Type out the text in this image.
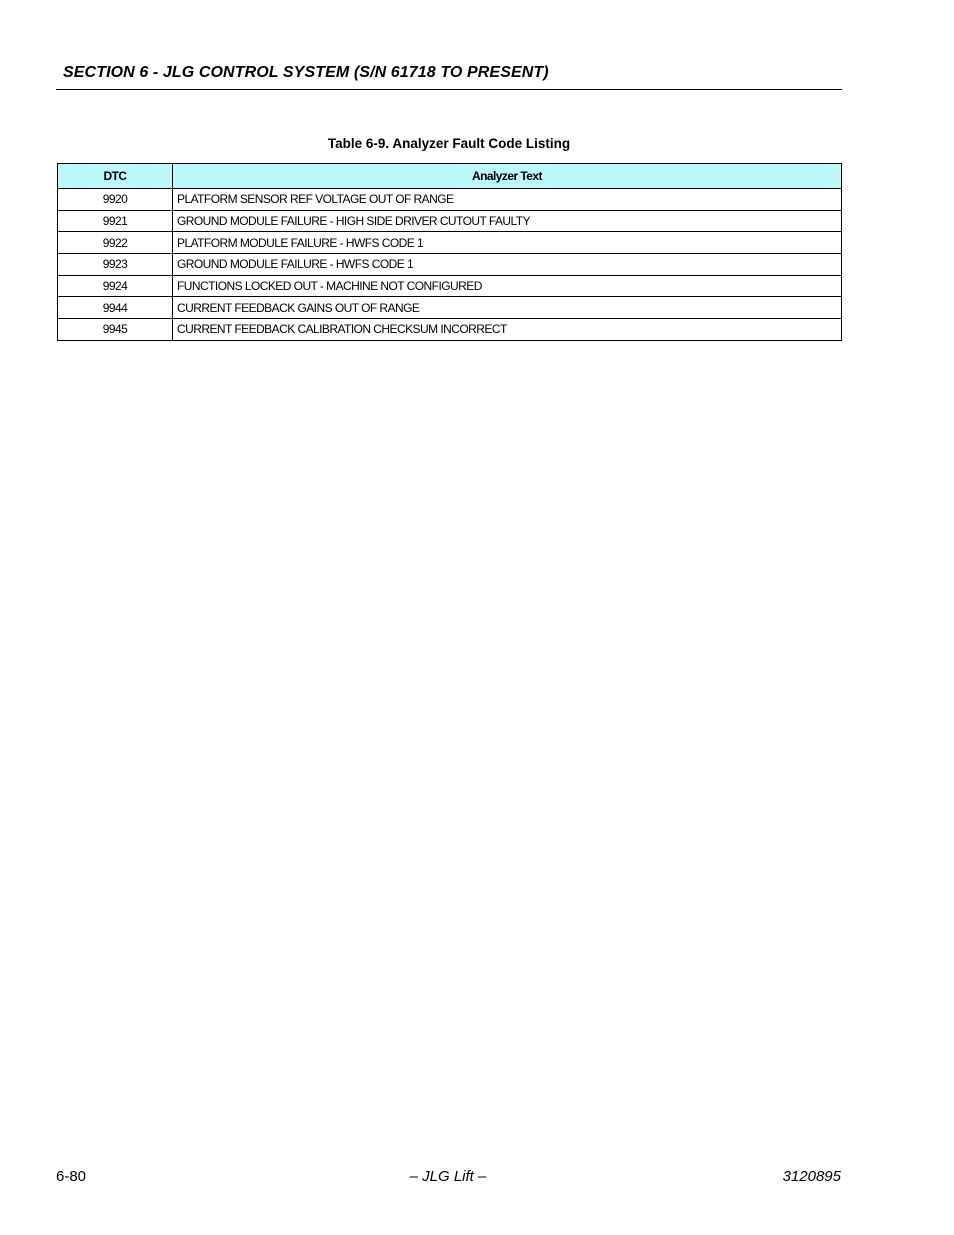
SECTION 6 - JLG CONTROL SYSTEM (S/N 61718 TO PRESENT)
Table 6-9. Analyzer Fault Code Listing
DTC	Analyzer Text
9920	PLATFORM SENSOR REF VOLTAGE OUT OF RANGE
9921	GROUND MODULE FAILURE - HIGH SIDE DRIVER CUTOUT FAULTY
9922	PLATFORM MODULE FAILURE - HWFS CODE 1
9923	GROUND MODULE FAILURE - HWFS CODE 1
9924	FUNCTIONS LOCKED OUT - MACHINE NOT CONFIGURED
9944	CURRENT FEEDBACK GAINS OUT OF RANGE
9945	CURRENT FEEDBACK CALIBRATION CHECKSUM INCORRECT
6-80	– JLG Lift –	3120895
